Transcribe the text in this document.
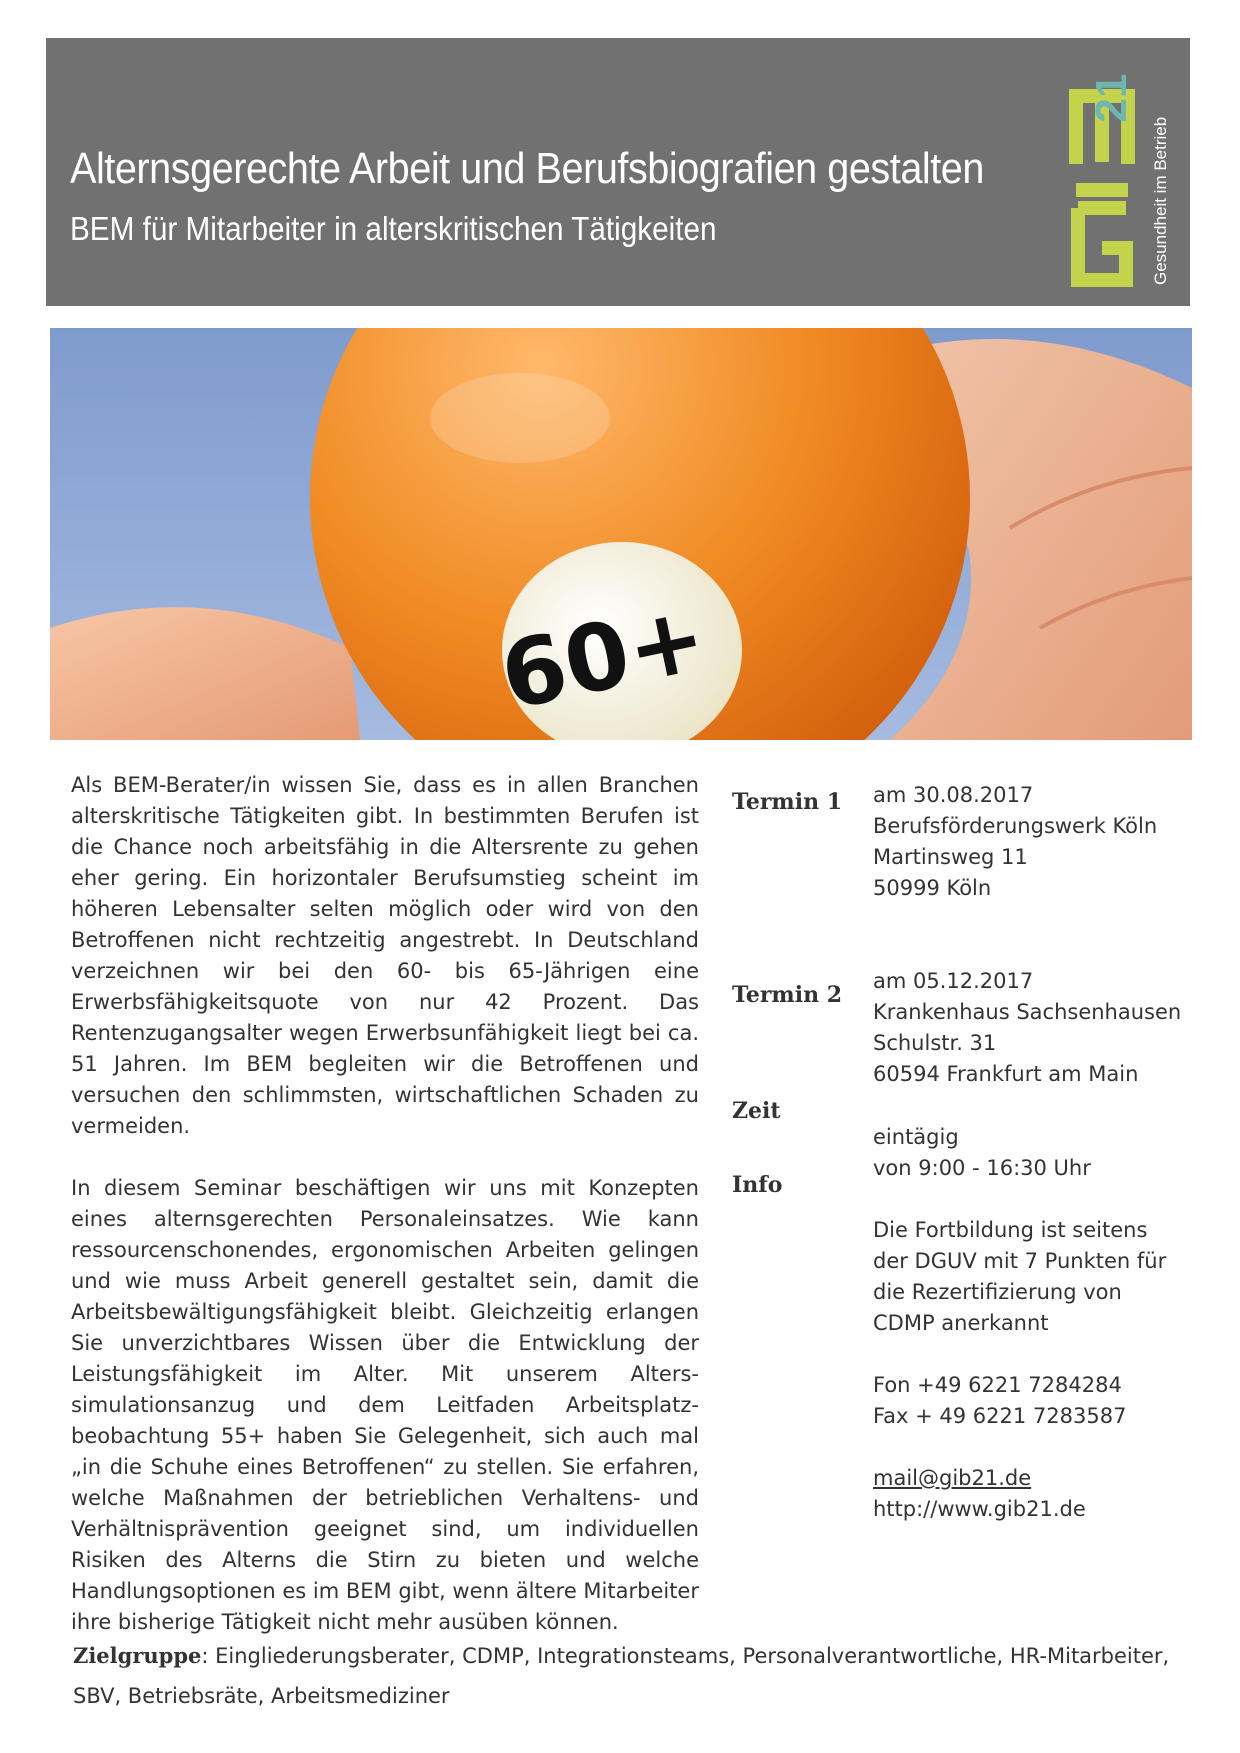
Alternsgerechte Arbeit und Berufsbiografien gestalten
BEM für Mitarbeiter in alterskritischen Tätigkeiten
21
Gesundheit im Betrieb
60+

Als BEM-Berater/in wissen Sie, dass es in allen Branchen alterskritische Tätigkeiten gibt. In bestimmten Berufen ist die Chance noch arbeitsfähig in die Altersrente zu gehen eher gering. Ein horizontaler Berufsumstieg scheint im höheren Lebensalter selten möglich oder wird von den Betroffenen nicht rechtzeitig angestrebt. In Deutschland verzeichnen wir bei den 60- bis 65-Jährigen eine Erwerbsfähigkeitsquote von nur 42 Prozent. Das Rentenzugangsalter wegen Erwerbsunfähigkeit liegt bei ca. 51 Jahren. Im BEM begleiten wir die Betroffenen und versuchen den schlimmsten, wirtschaftlichen Schaden zu vermeiden.

In diesem Seminar beschäftigen wir uns mit Konzepten eines alternsgerechten Personaleinsatzes. Wie kann ressourcenschonendes, ergonomischen Arbeiten gelingen und wie muss Arbeit generell gestaltet sein, damit die Arbeitsbewältigungsfähigkeit bleibt. Gleichzeitig erlangen Sie unverzichtbares Wissen über die Entwicklung der Leistungsfähigkeit im Alter. Mit unserem Alterssimulationsanzug und dem Leitfaden Arbeitsplatzbeobachtung 55+ haben Sie Gelegenheit, sich auch mal „in die Schuhe eines Betroffenen“ zu stellen. Sie erfahren, welche Maßnahmen der betrieblichen Verhaltens- und Verhältnisprävention geeignet sind, um individuellen Risiken des Alterns die Stirn zu bieten und welche Handlungsoptionen es im BEM gibt, wenn ältere Mitarbeiter ihre bisherige Tätigkeit nicht mehr ausüben können.

Termin 1 am 30.08.2017
Berufsförderungswerk Köln
Martinsweg 11
50999 Köln
Termin 2
am 05.12.2017
Krankenhaus Sachsenhausen
Schulstr. 31
60594 Frankfurt am Main
Zeit
eintägig
von 9:00 - 16:30 Uhr
Info
Die Fortbildung ist seitens
der DGUV mit 7 Punkten für
die Rezertifizierung von
CDMP anerkannt
Fon +49 6221 7284284
Fax + 49 6221 7283587
mail@gib21.de
http://www.gib21.de
Zielgruppe: Eingliederungsberater, CDMP, Integrationsteams, Personalverantwortliche, HR-Mitarbeiter, SBV, Betriebsräte, Arbeitsmediziner
